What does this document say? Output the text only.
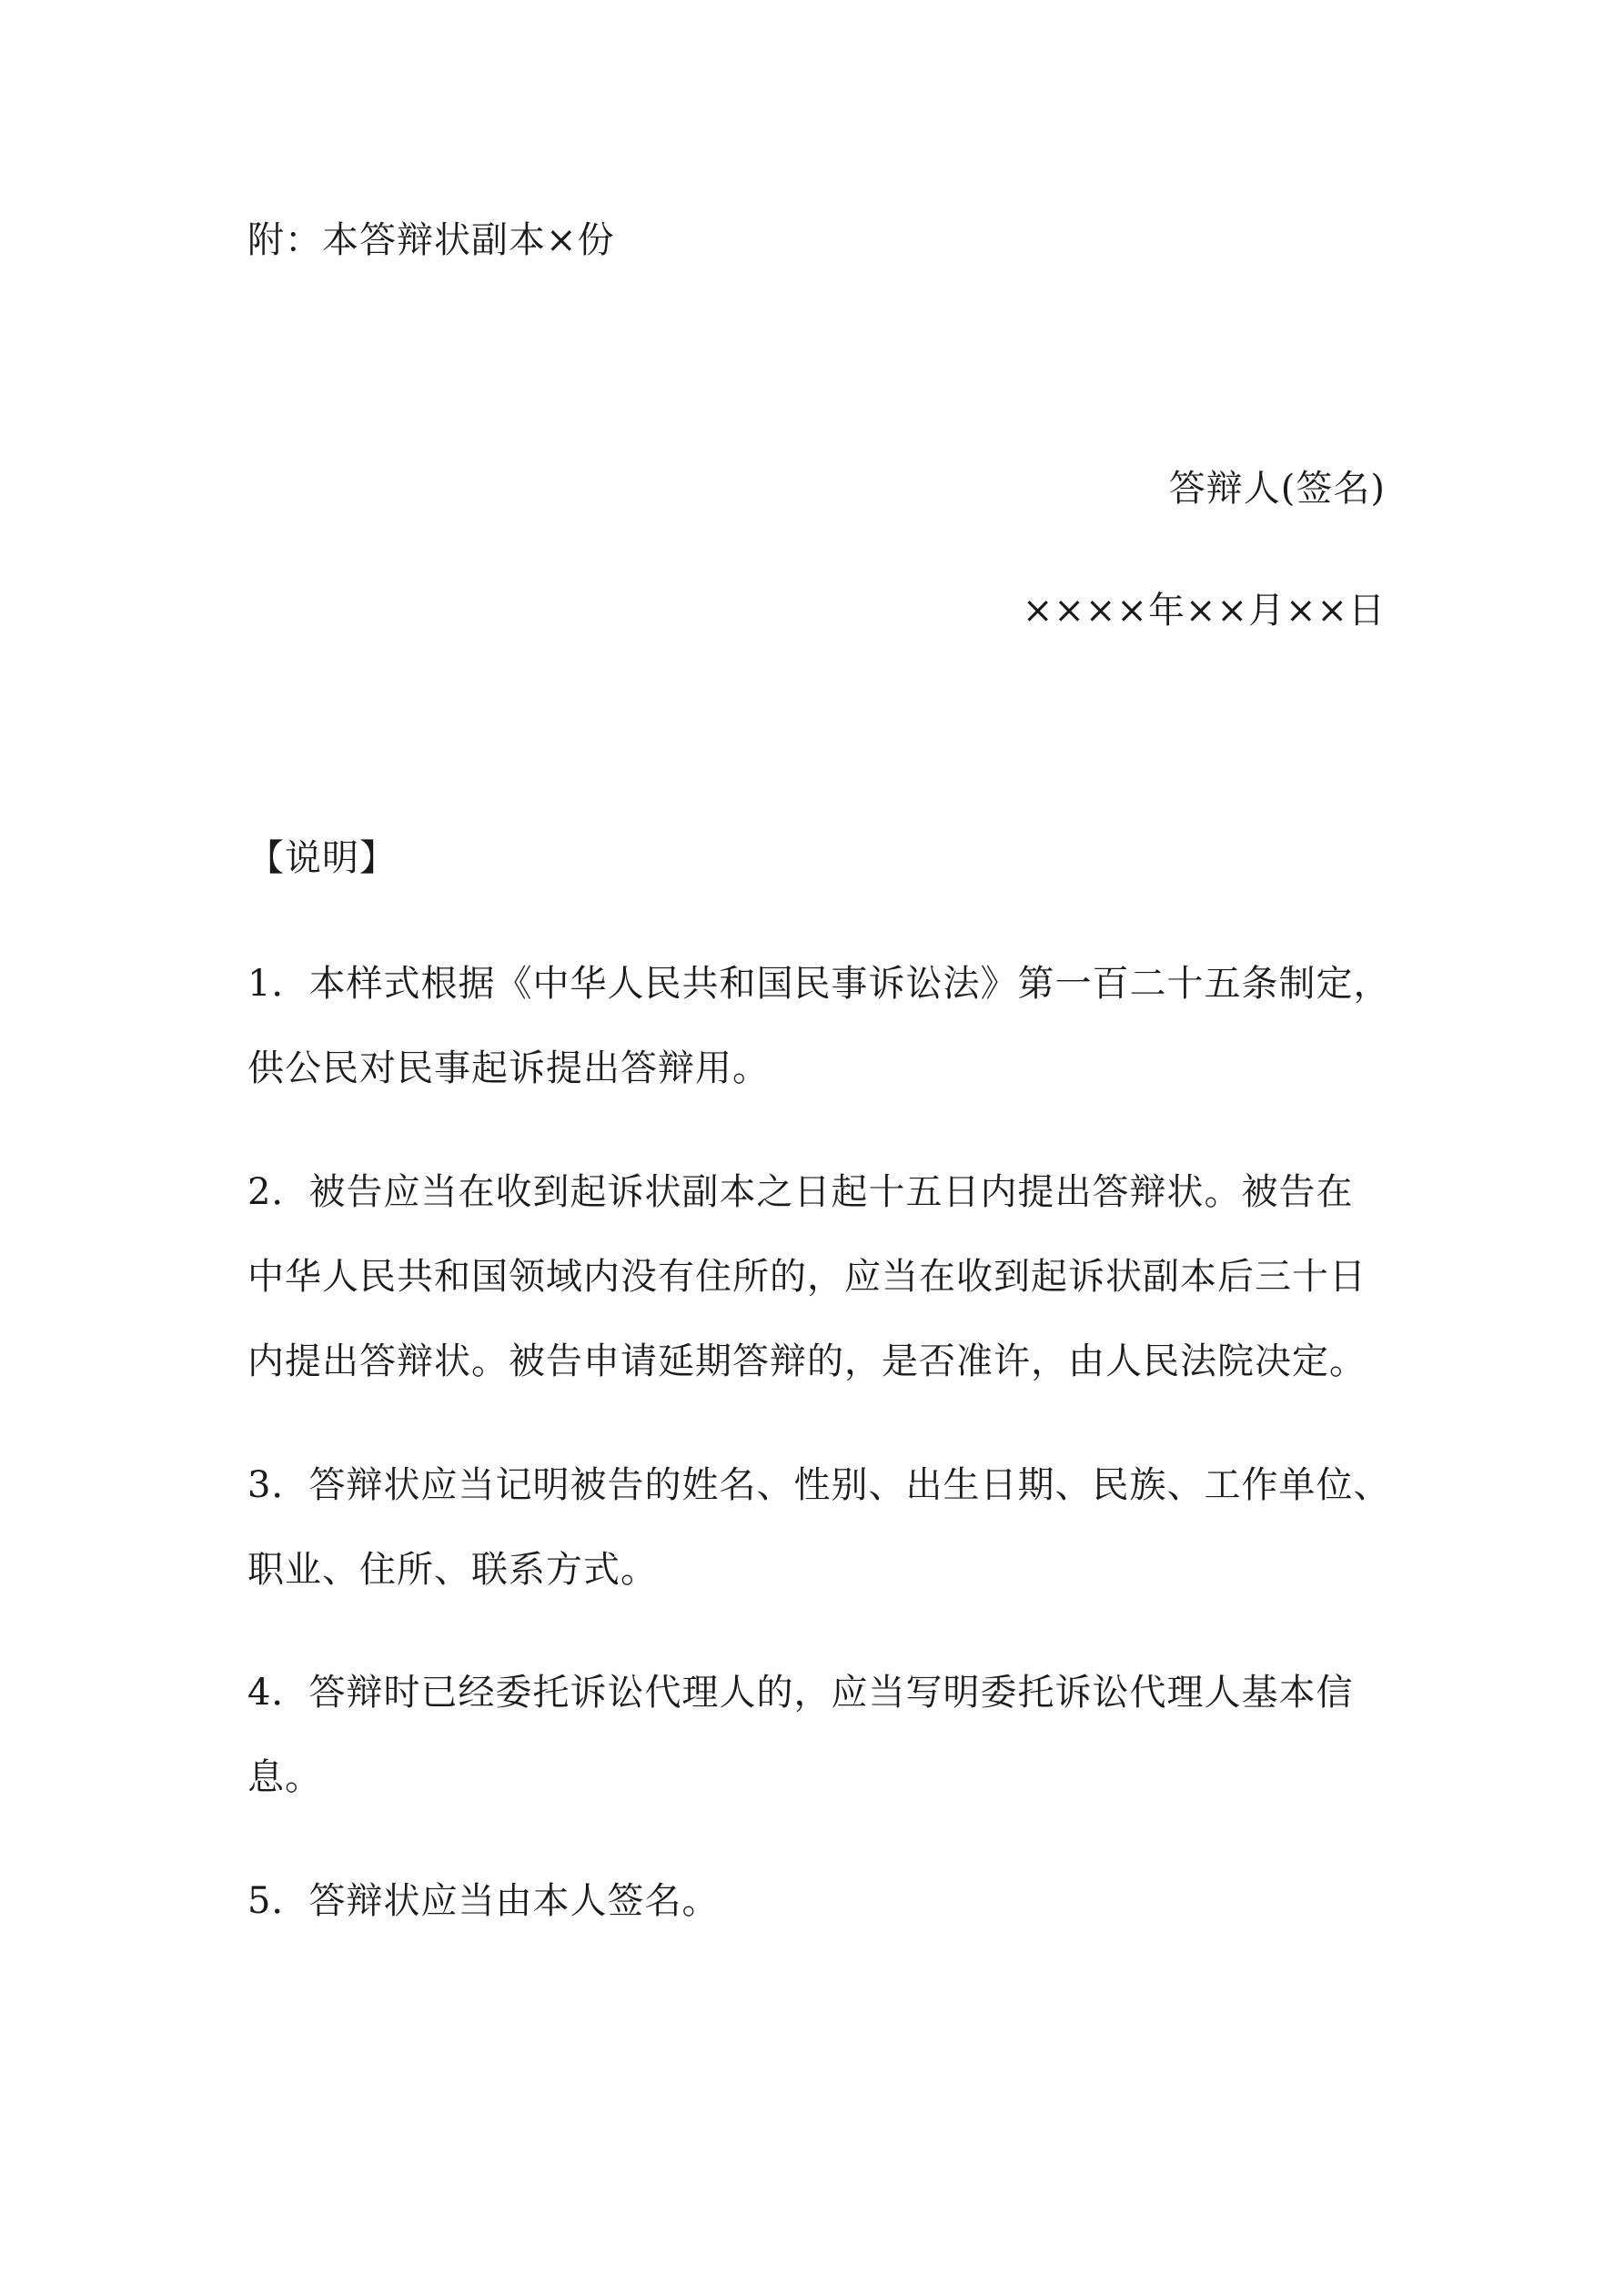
附：本答辩状副本×份
答辩人(签名)
××××年××月××日
【说明】
1．本样式根据《中华人民共和国民事诉讼法》第一百二十五条制定，
供公民对民事起诉提出答辩用。
2．被告应当在收到起诉状副本之日起十五日内提出答辩状。被告在
中华人民共和国领域内没有住所的，应当在收到起诉状副本后三十日
内提出答辩状。被告申请延期答辩的，是否准许，由人民法院决定。
3．答辩状应当记明被告的姓名、性别、出生日期、民族、工作单位、
职业、住所、联系方式。
4．答辩时已经委托诉讼代理人的，应当写明委托诉讼代理人基本信
息。
5．答辩状应当由本人签名。
